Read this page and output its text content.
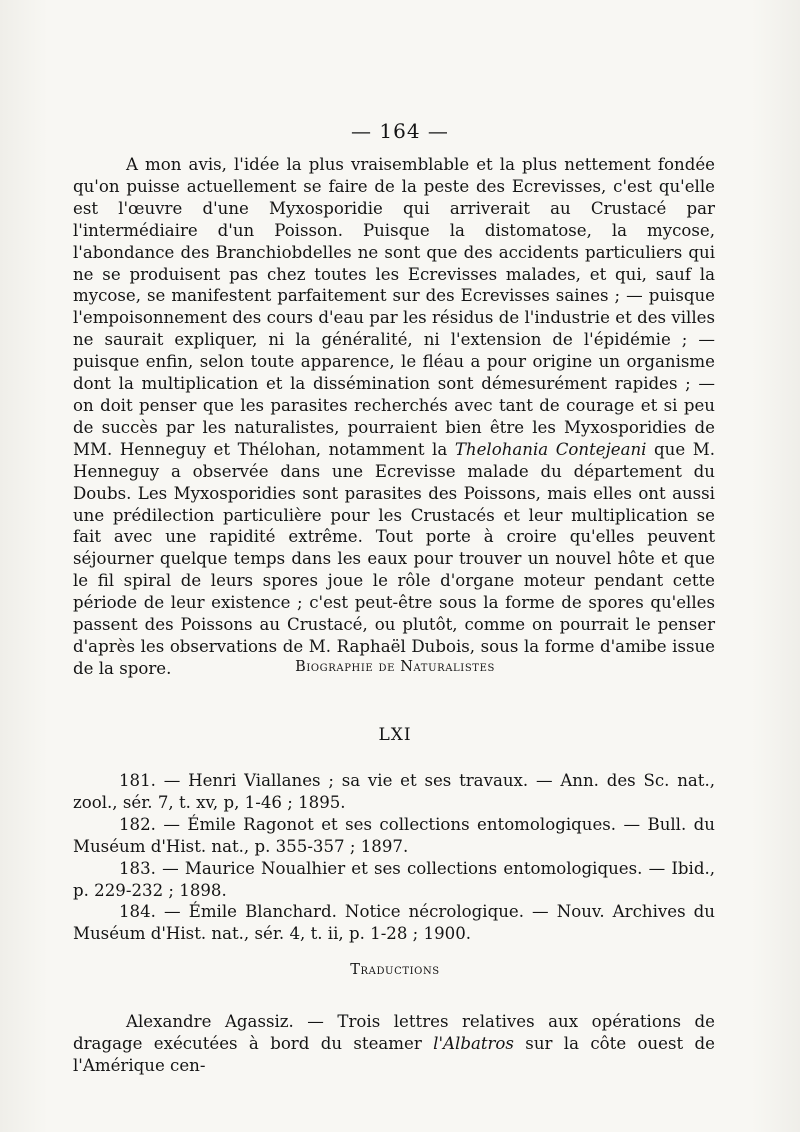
— 164 —

A mon avis, l'idée la plus vraisemblable et la plus nettement fondée qu'on puisse actuellement se faire de la peste des Ecrevisses, c'est qu'elle est l'œuvre d'une Myxosporidie qui arriverait au Crustacé par l'intermédiaire d'un Poisson. Puisque la distomatose, la mycose, l'abondance des Branchiobdelles ne sont que des accidents particuliers qui ne se produisent pas chez toutes les Ecrevisses malades, et qui, sauf la mycose, se manifestent parfaitement sur des Ecrevisses saines ; — puisque l'empoisonnement des cours d'eau par les résidus de l'industrie et des villes ne saurait expliquer, ni la généralité, ni l'extension de l'épidémie ; — puisque enfin, selon toute apparence, le fléau a pour origine un organisme dont la multiplication et la dissémination sont démesurément rapides ; — on doit penser que les parasites recherchés avec tant de courage et si peu de succès par les naturalistes, pourraient bien être les Myxosporidies de MM. Henneguy et Thélohan, notamment la Thelohania Contejeani que M. Henneguy a observée dans une Ecrevisse malade du département du Doubs. Les Myxosporidies sont parasites des Poissons, mais elles ont aussi une prédilection particulière pour les Crustacés et leur multiplication se fait avec une rapidité extrême. Tout porte à croire qu'elles peuvent séjourner quelque temps dans les eaux pour trouver un nouvel hôte et que le fil spiral de leurs spores joue le rôle d'organe moteur pendant cette période de leur existence ; c'est peut-être sous la forme de spores qu'elles passent des Poissons au Crustacé, ou plutôt, comme on pourrait le penser d'après les observations de M. Raphaël Dubois, sous la forme d'amibe issue de la spore.	Biographie de Naturalistes
LXI

181. — Henri Viallanes ; sa vie et ses travaux. — Ann. des Sc. nat., zool., sér. 7, t. xv, p, 1-46 ; 1895.

182. — Émile Ragonot et ses collections entomologiques. — Bull. du Muséum d'Hist. nat., p. 355-357 ; 1897.

183. — Maurice Noualhier et ses collections entomologiques. — Ibid., p. 229-232 ; 1898.

184. — Émile Blanchard. Notice nécrologique. — Nouv. Archives du Muséum d'Hist. nat., sér. 4, t. ii, p. 1-28 ; 1900.

Traductions

Alexandre Agassiz. — Trois lettres relatives aux opérations de dragage exécutées à bord du steamer l'Albatros sur la côte ouest de l'Amérique cen-
